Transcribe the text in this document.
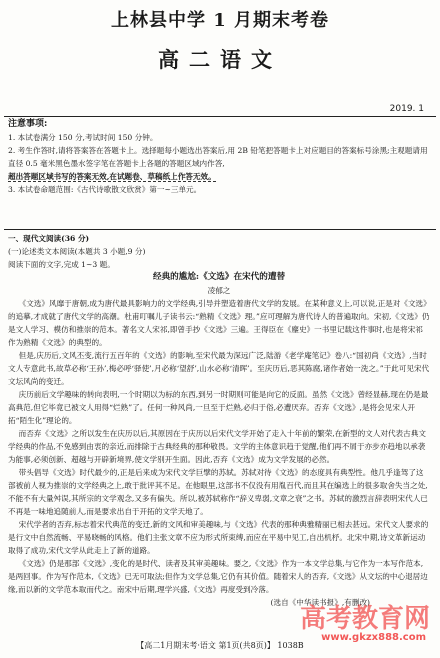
上林县中学 1 月期末考卷
高二语文
2019. 1

注意事项:

1. 本试卷满分 150 分,考试时间 150 分钟。

2. 考生作答时,请将答案答在答题卡上。选择题每小题选出答案后,用 2B 铅笔把答题卡上对应题目的答案标号涂黑;主观题请用直径 0.5 毫米黑色墨水签字笔在答题卡上各题的答题区域内作答,

超出答题区域书写的答案无效,在试题卷、草稿纸上作答无效。

3. 本试卷命题范围:《古代诗歌散文欣赏》第一~三单元。

一、现代文阅读(36 分)

(一)论述类文本阅读(本题共 3 小题,9 分)

阅读下面的文字,完成 1~3 题。

经典的尴尬:《文选》在宋代的遭替

凌郁之

《文选》风靡于唐朝,成为唐代最具影响力的文学经典,引导并塑造着唐代文学的发展。在某种意义上,可以说,正是对《文选》的追摹,才成就了唐代文学的高潮。杜甫叮嘱儿子读书云:“熟精《文选》理。”应可理解为唐代诗人的普遍取向。宋初,《文选》仍是文人学习、模仿和推崇的范本。著名文人宋祁,即曾手抄《文选》三遍。王得臣在《麈史》一书里记载这件事时,也是将宋祁作为熟精《文选》的典型的。

但是,庆历后,文风丕变,流行五百年的《文选》的影响,至宋代最为深远广泛,陆游《老学庵笔记》卷八:“国初尚《文选》,当时文人专意此书,故草必称‘王孙’,梅必呼‘驿使’,月必称‘望舒’,山水必称‘清晖’。至庆历后,恶其陈腐,诸作者始一洗之。”于此可见宋代文坛风尚的变迁。

庆历前后文学趣味的转向表明,一个时期以为标的东西,到另一时期则可能是向它的反面。虽然《文选》曾经显赫,现在仍是最高典范,但它毕竟已被文人用得“烂熟”了。任何一种风尚,一旦至于烂熟,必归于俗,必遭厌弃。否弃《文选》,是将会见宋人开拓“陌生化”理论的。

而否弃《文选》之所以发生在庆历以后,其原因在于庆历以后宋代文学开始了走入十年前的繁荣,在新型的文人对代表古典文学经典的作品,不免感到由衷的亲近,而排除于古典经典的那种敬畏。文学的主体意识趋于觉醒,他们再不屑于亦步亦趋地以承袭为能事,必须创新、超越与开辟新境界,使文学别开生面。因此,否弃《文选》成为文学发展的必然。

带头倡导《文选》时代最少的,正是后来成为宋代文学巨擘的苏轼。苏轼对待《文选》的态度具有典型性。他几乎逢驾了这部被前人视为推崇的文学经典之上,敢于批评其不足。在他眼里,这部书不仅没有用胤百代,而且其在编选上的很多取舍失当之处,不能不有大量舛误,其所宗的文学观念,又多有偏失。所以,被苏轼称作“辞义卑弱,文章之衰”之书。苏轼的激烈言辞表明宋代人已不再是一味地追随前人,而是要求出自于开拓的文学天地了。

宋代学者的否弃,标志着宋代典范的变迁,新的文风和审美趣味,与《文选》代表的那种典雅精丽已相去甚远。宋代文人要求的是行文中自然流畅、平易晓畅的风格。他们主张文章不应为形式所束缚,而应在平易中见工,自出机杼。北宋中期,诗文革新运动取得了成功,宋代文学从此走上了新的道路。

《文选》仍是那部《文选》,变化的是时代、读者及其审美趣味。要之,《文选》作为一本文学总集,与它作为一本写作范本,是两回事。作为写作范本,《文选》已无可取法;但作为文学总集,它仍有其价值。随着宋人的否弃,《文选》从文坛的中心退居边缘,而以新的文学范本取而代之。南宋中后期,理学兴盛,《文选》再度受到冷落。

(选自《中华读书报》,有删改)

高考教育网
www.gkzx888.com
【高二1月期末考·语文 第1页(共8页)】 1038B
